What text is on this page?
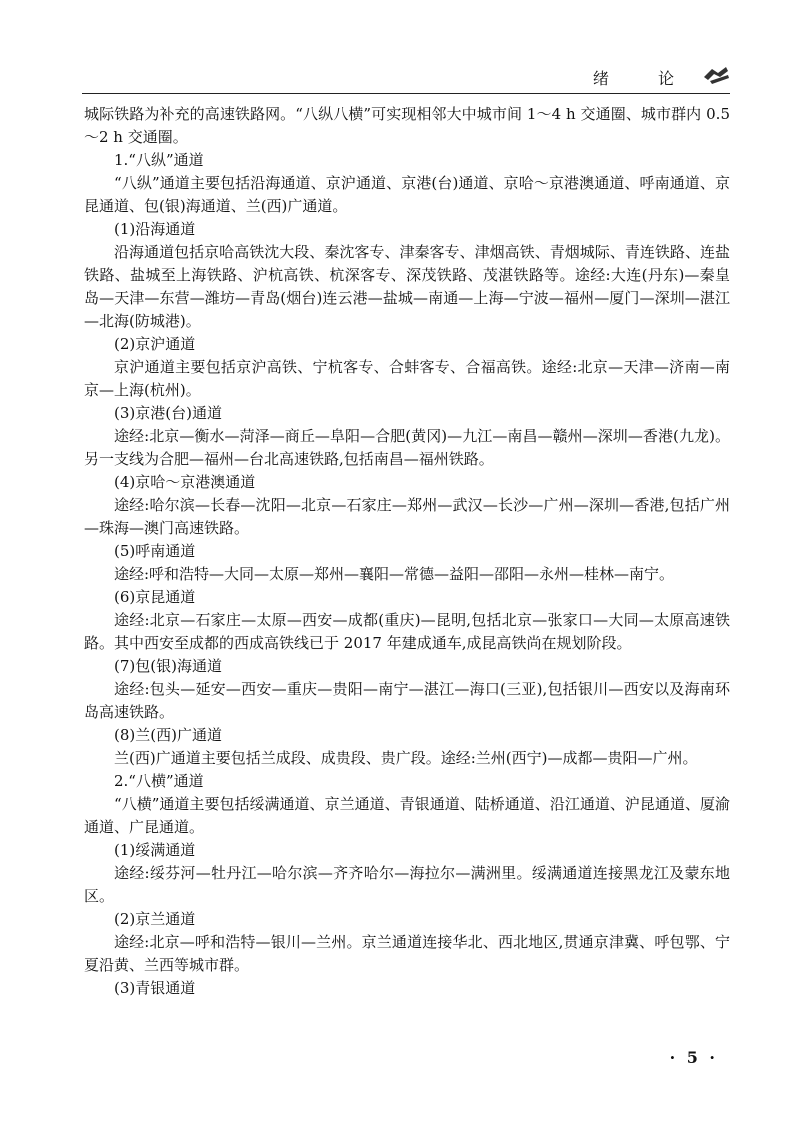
绪 论

城际铁路为补充的高速铁路网。“八纵八横”可实现相邻大中城市间 1～4 h 交通圈、城市群内 0.5～2 h 交通圈。

1.“八纵”通道

“八纵”通道主要包括沿海通道、京沪通道、京港(台)通道、京哈～京港澳通道、呼南通道、京昆通道、包(银)海通道、兰(西)广通道。

(1)沿海通道

沿海通道包括京哈高铁沈大段、秦沈客专、津秦客专、津烟高铁、青烟城际、青连铁路、连盐铁路、盐城至上海铁路、沪杭高铁、杭深客专、深茂铁路、茂湛铁路等。途经:大连(丹东)—秦皇岛—天津—东营—潍坊—青岛(烟台)连云港—盐城—南通—上海—宁波—福州—厦门—深圳—湛江—北海(防城港)。

(2)京沪通道

京沪通道主要包括京沪高铁、宁杭客专、合蚌客专、合福高铁。途经:北京—天津—济南—南京—上海(杭州)。

(3)京港(台)通道

途经:北京—衡水—菏泽—商丘—阜阳—合肥(黄冈)—九江—南昌—赣州—深圳—香港(九龙)。另一支线为合肥—福州—台北高速铁路,包括南昌—福州铁路。

(4)京哈～京港澳通道

途经:哈尔滨—长春—沈阳—北京—石家庄—郑州—武汉—长沙—广州—深圳—香港,包括广州—珠海—澳门高速铁路。

(5)呼南通道

途经:呼和浩特—大同—太原—郑州—襄阳—常德—益阳—邵阳—永州—桂林—南宁。

(6)京昆通道

途经:北京—石家庄—太原—西安—成都(重庆)—昆明,包括北京—张家口—大同—太原高速铁路。其中西安至成都的西成高铁线已于 2017 年建成通车,成昆高铁尚在规划阶段。

(7)包(银)海通道

途经:包头—延安—西安—重庆—贵阳—南宁—湛江—海口(三亚),包括银川—西安以及海南环岛高速铁路。

(8)兰(西)广通道

兰(西)广通道主要包括兰成段、成贵段、贵广段。途经:兰州(西宁)—成都—贵阳—广州。

2.“八横”通道

“八横”通道主要包括绥满通道、京兰通道、青银通道、陆桥通道、沿江通道、沪昆通道、厦渝通道、广昆通道。

(1)绥满通道

途经:绥芬河—牡丹江—哈尔滨—齐齐哈尔—海拉尔—满洲里。绥满通道连接黑龙江及蒙东地区。

(2)京兰通道

途经:北京—呼和浩特—银川—兰州。京兰通道连接华北、西北地区,贯通京津冀、呼包鄂、宁夏沿黄、兰西等城市群。

(3)青银通道

· 5 ·
